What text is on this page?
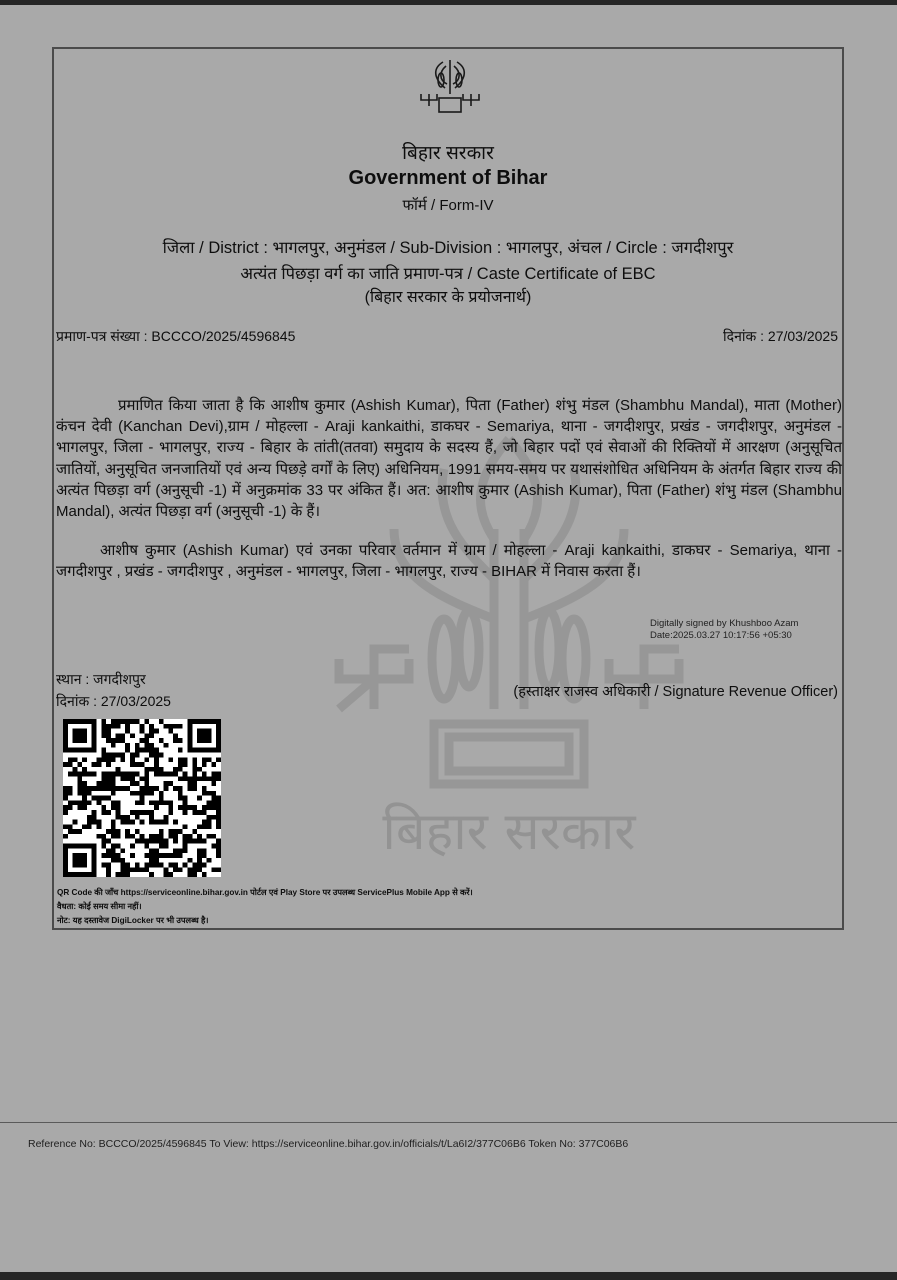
बिहार सरकार
बिहार सरकार
Government of Bihar
फॉर्म / Form-IV
जिला / District : भागलपुर, अनुमंडल / Sub-Division : भागलपुर, अंचल / Circle : जगदीशपुर
अत्यंत पिछड़ा वर्ग का जाति प्रमाण-पत्र / Caste Certificate of EBC
(बिहार सरकार के प्रयोजनार्थ)
प्रमाण-पत्र संख्या : BCCCO/2025/4596845	दिनांक : 27/03/2025
प्रमाणित किया जाता है कि आशीष कुमार (Ashish Kumar), पिता (Father) शंभु मंडल (Shambhu Mandal), माता (Mother) कंचन देवी (Kanchan Devi),ग्राम / मोहल्ला - Araji kankaithi, डाकघर - Semariya, थाना - जगदीशपुर, प्रखंड - जगदीशपुर, अनुमंडल - भागलपुर, जिला - भागलपुर, राज्य - बिहार के तांती(ततवा) समुदाय के सदस्य हैं, जो बिहार पदों एवं सेवाओं की रिक्तियों में आरक्षण (अनुसूचित जातियों, अनुसूचित जनजातियों एवं अन्य पिछड़े वर्गों के लिए) अधिनियम, 1991 समय-समय पर यथासंशोधित अधिनियम के अंतर्गत बिहार राज्य की अत्यंत पिछड़ा वर्ग (अनुसूची -1) में अनुक्रमांक 33 पर अंकित हैं। अत: आशीष कुमार (Ashish Kumar), पिता (Father) शंभु मंडल (Shambhu Mandal), अत्यंत पिछड़ा वर्ग (अनुसूची -1) के हैं।
आशीष कुमार (Ashish Kumar) एवं उनका परिवार वर्तमान में ग्राम / मोहल्ला - Araji kankaithi, डाकघर - Semariya, थाना - जगदीशपुर , प्रखंड - जगदीशपुर , अनुमंडल - भागलपुर, जिला - भागलपुर, राज्य - BIHAR में निवास करता हैं।
Digitally signed by Khushboo Azam
Date:2025.03.27 10:17:56 +05:30
स्थान : जगदीशपुर
दिनांक : 27/03/2025
(हस्ताक्षर राजस्व अधिकारी / Signature Revenue Officer)
QR Code की जाँच https://serviceonline.bihar.gov.in पोर्टल एवं Play Store पर उपलब्ध ServicePlus Mobile App से करें।
वैधता: कोई समय सीमा नहीं।
नोट: यह दस्तावेज DigiLocker पर भी उपलब्ध है।
Reference No: BCCCO/2025/4596845 To View: https://serviceonline.bihar.gov.in/officials/t/La6I2/377C06B6 Token No: 377C06B6
